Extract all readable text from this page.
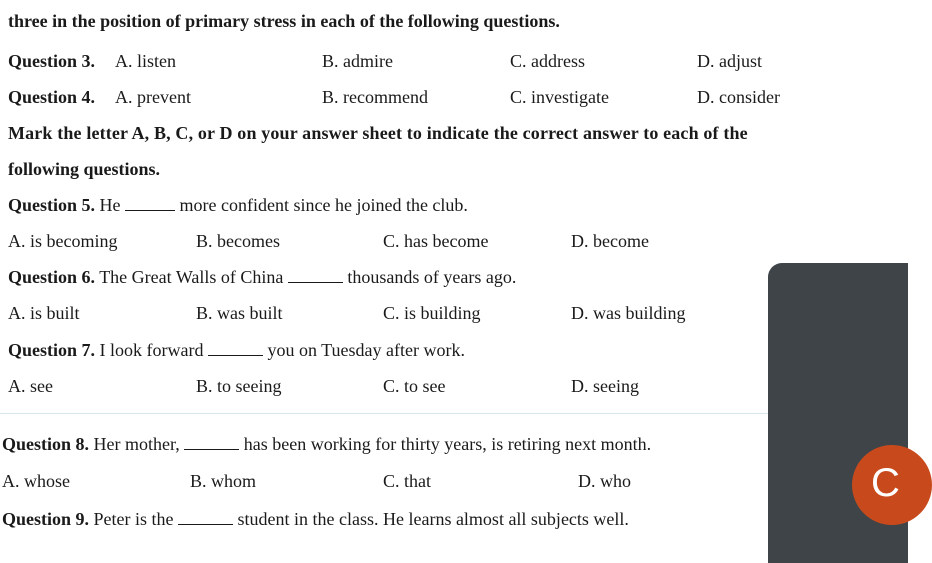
three in the position of primary stress in each of the following questions.
Question 3. A. listen	B. admire	C. address	D. adjust
Question 4. A. prevent	B. recommend	C. investigate	D. consider
Mark the letter A, B, C, or D on your answer sheet to indicate the correct answer to each of the
following questions.
Question 5. He	more confident since he joined the club.
A. is becoming	B. becomes	C. has become	D. become
Question 6. The Great Walls of China	thousands of years ago.
A. is built	B. was built	C. is building	D. was building
Question 7. I look forward	you on Tuesday after work.
A. see	B. to seeing	C. to see	D. seeing
Question 8. Her mother,	has been working for thirty years, is retiring next month.
A. whose	B. whom	C. that	D. who
Question 9. Peter is the	student in the class. He learns almost all subjects well.
C
